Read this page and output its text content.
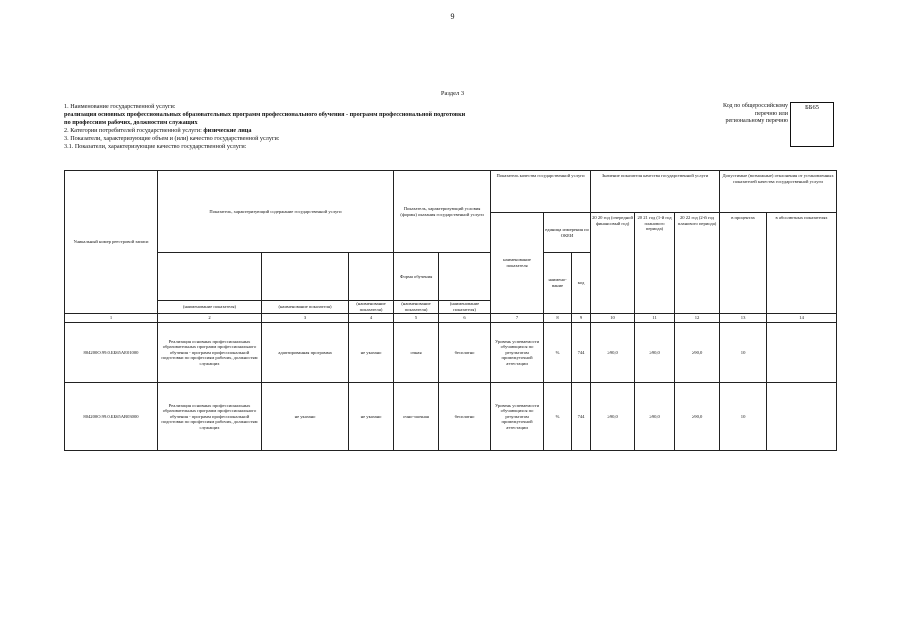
9
Раздел 3
1. Наименование государственной услуги:
реализация основных профессиональных образовательных программ профессионального обучения - программ профессиональной подготовки
по профессиям рабочих, должностям служащих
2. Категории потребителей государственной услуги: физические лица
3. Показатели, характеризующие объем и (или) качество государственной услуги:
3.1. Показатели, характеризующие качество государственной услуги:
Код по общероссийскому
перечню или
региональному перечню
ББ65
Уникальный номер реестровой записи	Показатель, характеризующий содержание государственной услуги			Показатель, характеризующий условия (формы) оказания государственной услуги		Показатель качества государственной услуги			Значение показателя качества государственной услуги			Допустимые (возможные) отклонения от установленных показателей качества государственной услуги	
						наименование показателя	единица измерения по ОКЕИ		20 20 год (очередной финансовый год)	20 21 год (1-й год планового периода)	20 22 год (2-й год планового периода)	в процентах	в абсолютных показателях
				Форма обучения			наимено-вание	код					
	(наименование показателя)	(наименование показателя)	(наименование показателя)	(наименование показателя)	(наименование показателя)								
1	2	3	4	5	6	7	8	9	10	11	12	13	14
804200О.99.0.ББ65АЕ01000	Реализация основных профессиональных образовательных программ профессионального обучения - программ профессиональной подготовки по профессиям рабочих, должностям служащих	адаптированная программа	не указано	очная	бесплатно	Уровень успеваемости обучающихся по результатам промежуточной аттестации	%	744	≥90,0	≥90,0	≥90,0	10	
804200О.99.0.ББ65АВ03000	Реализация основных профессиональных образовательных программ профессионального обучения - программ профессиональной подготовки по профессиям рабочих, должностям служащих	не указано	не указано	очно-заочная	бесплатно	Уровень успеваемости обучающихся по результатам промежуточной аттестации	%	744	≥90,0	≥90,0	≥90,0	10	
